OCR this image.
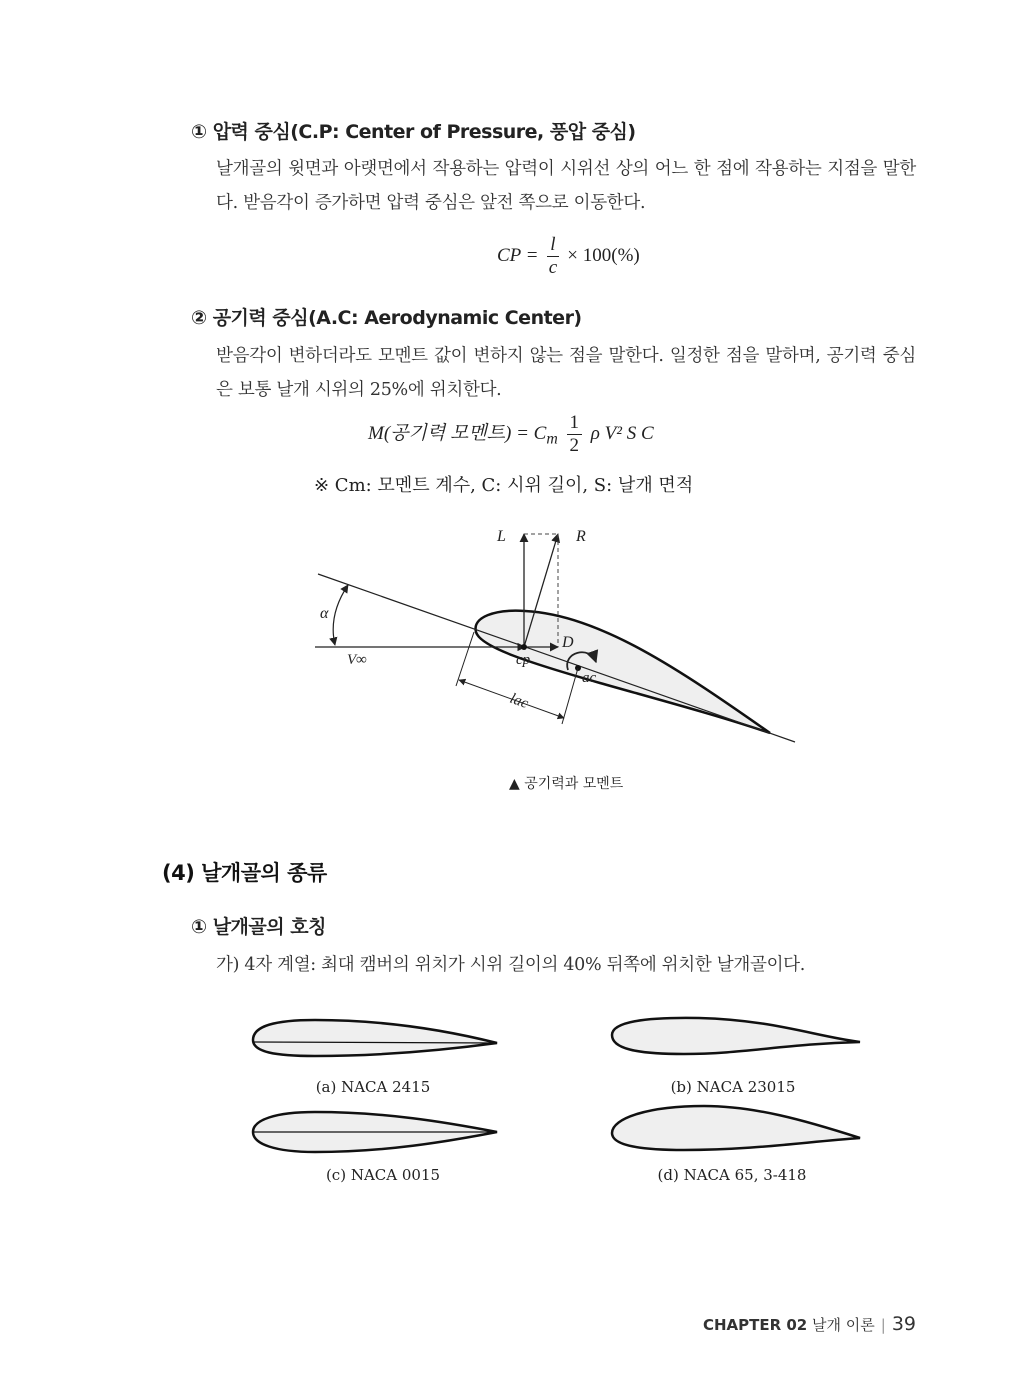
① 압력 중심(C.P: Center of Pressure, 풍압 중심)
날개골의 윗면과 아랫면에서 작용하는 압력이 시위선 상의 어느 한 점에 작용하는 지점을 말한다. 받음각이 증가하면 압력 중심은 앞전 쪽으로 이동한다.
CP = $\frac{l}{c} \times 100(\%)$
② 공기력 중심(A.C: Aerodynamic Center)
받음각이 변하더라도 모멘트 값이 변하지 않는 점을 말한다. 일정한 점을 말하며, 공기력 중심은 보통 날개 시위의 25%에 위치한다.
M(공기력 모멘트) = $C_m \frac{1}{2}$ ρ V² S C
※ Cm: 모멘트 계수, C: 시위 길이, S: 날개 면적
L	R
D
cp
ac
α
V∞
lac
▲ 공기력과 모멘트
(4) 날개골의 종류
① 날개골의 호칭
가) 4자 계열: 최대 캠버의 위치가 시위 길이의 40% 뒤쪽에 위치한 날개골이다.
(a) NACA 2415	(b) NACA 23015
(c) NACA 0015	(d) NACA 65, 3-418
CHAPTER 02 날개 이론 | 39
